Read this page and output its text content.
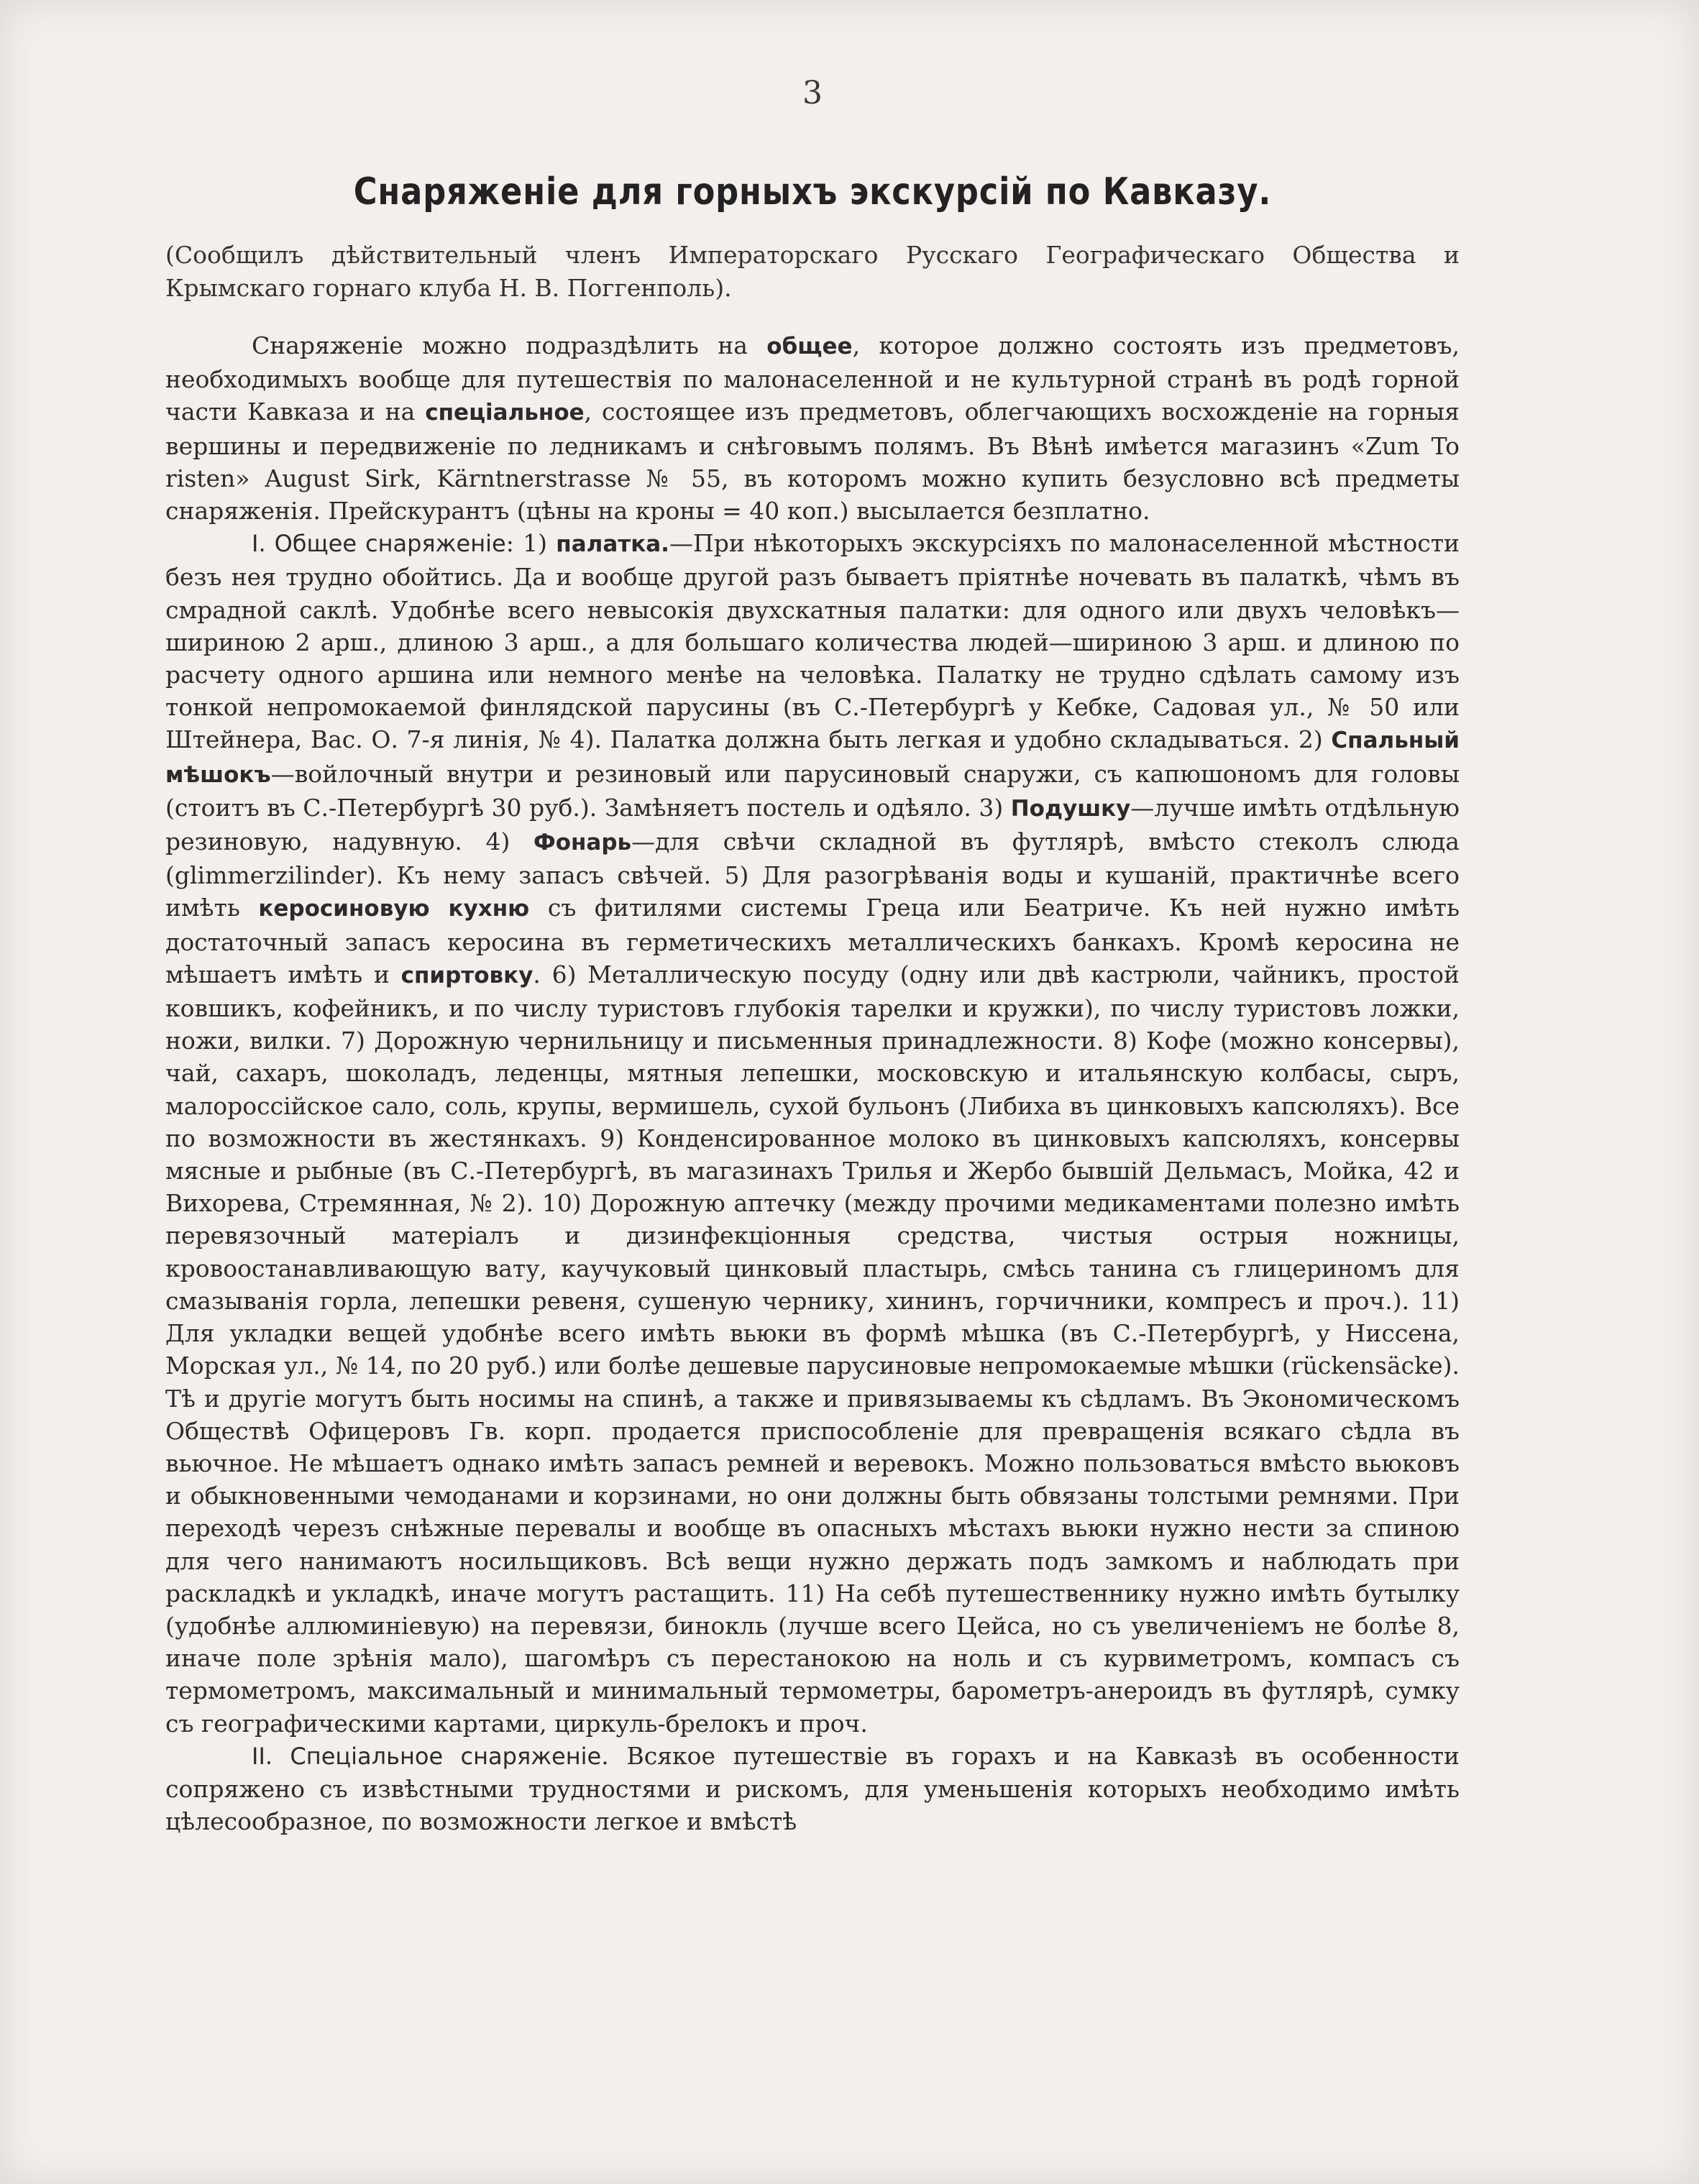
3
Снаряженіе для горныхъ экскурсій по Кавказу.

(Сообщилъ дѣйствительный членъ Императорскаго Русскаго Географическаго Общества и Крымскаго горнаго клуба Н. В. Поггенполь).

Снаряженіе можно подраздѣлить на общее, которое должно состоять изъ предметовъ, необходимыхъ вообще для путешествія по малонаселенной и не культурной странѣ въ родѣ горной части Кавказа и на спеціальное, состоящее изъ предметовъ, облегчающихъ восхожденіе на горныя вершины и передвиженіе по ледникамъ и снѣговымъ полямъ. Въ Вѣнѣ имѣется магазинъ «Zum To risten» August Sirk, Kärntnerstrasse № 55, въ которомъ можно купить безусловно всѣ предметы снаряженія. Прейскурантъ (цѣны на кроны = 40 коп.) высылается безплатно.

I. Общее снаряженіе: 1) палатка.—При нѣкоторыхъ экскурсіяхъ по малонаселенной мѣстности безъ нея трудно обойтись. Да и вообще другой разъ бываетъ пріятнѣе ночевать въ палаткѣ, чѣмъ въ смрадной саклѣ. Удобнѣе всего невысокія двухскатныя палатки: для одного или двухъ человѣкъ—шириною 2 арш., длиною 3 арш., а для большаго количества людей—шириною 3 арш. и длиною по расчету одного аршина или немного менѣе на человѣка. Палатку не трудно сдѣлать самому изъ тонкой непромокаемой финлядской парусины (въ С.-Петербургѣ у Кебке, Садовая ул., № 50 или Штейнера, Вас. О. 7-я линія, № 4). Палатка должна быть легкая и удобно складываться. 2) Спальный мѣшокъ—войлочный внутри и резиновый или парусиновый снаружи, съ капюшономъ для головы (стоитъ въ С.-Петербургѣ 30 руб.). Замѣняетъ постель и одѣяло. 3) Подушку—лучше имѣть отдѣльную резиновую, надувную. 4) Фонарь—для свѣчи складной въ футлярѣ, вмѣсто стеколъ слюда (glimmerzilinder). Къ нему запасъ свѣчей. 5) Для разогрѣванія воды и кушаній, практичнѣе всего имѣть керосиновую кухню съ фитилями системы Греца или Беатриче. Къ ней нужно имѣть достаточный запасъ керосина въ герметическихъ металлическихъ банкахъ. Кромѣ керосина не мѣшаетъ имѣть и спиртовку. 6) Металлическую посуду (одну или двѣ кастрюли, чайникъ, простой ковшикъ, кофейникъ, и по числу туристовъ глубокія тарелки и кружки), по числу туристовъ ложки, ножи, вилки. 7) Дорожную чернильницу и письменныя принадлежности. 8) Кофе (можно консервы), чай, сахаръ, шоколадъ, леденцы, мятныя лепешки, московскую и итальянскую колбасы, сыръ, малороссійское сало, соль, крупы, вермишель, сухой бульонъ (Либиха въ цинковыхъ капсюляхъ). Все по возможности въ жестянкахъ. 9) Конденсированное молоко въ цинковыхъ капсюляхъ, консервы мясные и рыбные (въ С.-Петербургѣ, въ магазинахъ Трилья и Жербо бывшій Дельмасъ, Мойка, 42 и Вихорева, Стремянная, № 2). 10) Дорожную аптечку (между прочими медикаментами полезно имѣть перевязочный матеріалъ и дизинфекціонныя средства, чистыя острыя ножницы, кровоостанавливающую вату, каучуковый цинковый пластырь, смѣсь танина съ глицериномъ для смазыванія горла, лепешки ревеня, сушеную чернику, хининъ, горчичники, компресъ и проч.). 11) Для укладки вещей удобнѣе всего имѣть вьюки въ формѣ мѣшка (въ С.-Петербургѣ, у Ниссена, Морская ул., № 14, по 20 руб.) или болѣе дешевые парусиновые непромокаемые мѣшки (rückensäcke). Тѣ и другіе могутъ быть носимы на спинѣ, а также и привязываемы къ сѣдламъ. Въ Экономическомъ Обществѣ Офицеровъ Гв. корп. продается приспособленіе для превращенія всякаго сѣдла въ вьючное. Не мѣшаетъ однако имѣть запасъ ремней и веревокъ. Можно пользоваться вмѣсто вьюковъ и обыкновенными чемоданами и корзинами, но они должны быть обвязаны толстыми ремнями. При переходѣ черезъ снѣжные перевалы и вообще въ опасныхъ мѣстахъ вьюки нужно нести за спиною для чего нанимаютъ носильщиковъ. Всѣ вещи нужно держать подъ замкомъ и наблюдать при раскладкѣ и укладкѣ, иначе могутъ растащить. 11) На себѣ путешественнику нужно имѣть бутылку (удобнѣе аллюминіевую) на перевязи, бинокль (лучше всего Цейса, но съ увеличеніемъ не болѣе 8, иначе поле зрѣнія мало), шагомѣръ съ перестанокою на ноль и съ курвиметромъ, компасъ съ термометромъ, максимальный и минимальный термометры, барометръ-анероидъ въ футлярѣ, сумку съ географическими картами, циркуль-брелокъ и проч.

II. Спеціальное снаряженіе. Всякое путешествіе въ горахъ и на Кавказѣ въ особенности сопряжено съ извѣстными трудностями и рискомъ, для уменьшенія которыхъ необходимо имѣть цѣлесообразное, по возможности легкое и вмѣстѣ
